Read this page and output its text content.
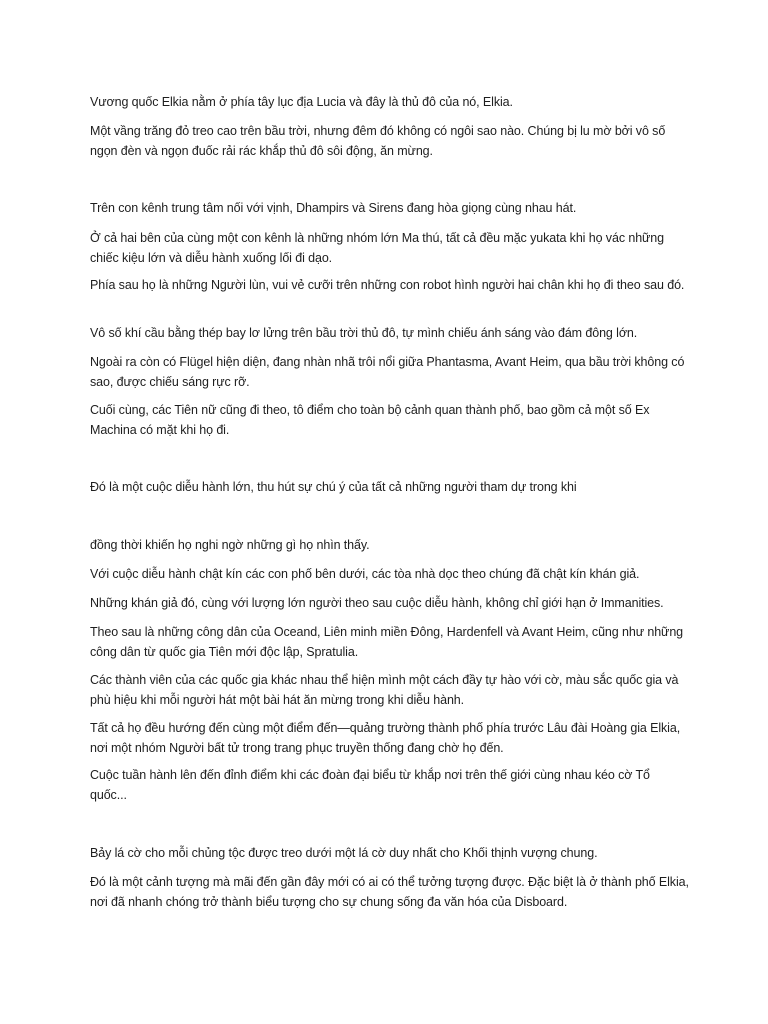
Vương quốc Elkia nằm ở phía tây lục địa Lucia và đây là thủ đô của nó, Elkia.

Một vầng trăng đỏ treo cao trên bầu trời, nhưng đêm đó không có ngôi sao nào. Chúng bị lu mờ bởi vô số ngọn đèn và ngọn đuốc rải rác khắp thủ đô sôi động, ăn mừng.

Trên con kênh trung tâm nối với vịnh, Dhampirs và Sirens đang hòa giọng cùng nhau hát.

Ở cả hai bên của cùng một con kênh là những nhóm lớn Ma thú, tất cả đều mặc yukata khi họ vác những chiếc kiệu lớn và diễu hành xuống lối đi dạo.

Phía sau họ là những Người lùn, vui vẻ cưỡi trên những con robot hình người hai chân khi họ đi theo sau đó.

Vô số khí cầu bằng thép bay lơ lửng trên bầu trời thủ đô, tự mình chiếu ánh sáng vào đám đông lớn.

Ngoài ra còn có Flügel hiện diện, đang nhàn nhã trôi nổi giữa Phantasma, Avant Heim, qua bầu trời không có sao, được chiếu sáng rực rỡ.

Cuối cùng, các Tiên nữ cũng đi theo, tô điểm cho toàn bộ cảnh quan thành phố, bao gồm cả một số Ex Machina có mặt khi họ đi.

Đó là một cuộc diễu hành lớn, thu hút sự chú ý của tất cả những người tham dự trong khi

đồng thời khiến họ nghi ngờ những gì họ nhìn thấy.

Với cuộc diễu hành chật kín các con phố bên dưới, các tòa nhà dọc theo chúng đã chật kín khán giả.

Những khán giả đó, cùng với lượng lớn người theo sau cuộc diễu hành, không chỉ giới hạn ở Immanities.

Theo sau là những công dân của Oceand, Liên minh miền Đông, Hardenfell và Avant Heim, cũng như những công dân từ quốc gia Tiên mới độc lập, Spratulia.

Các thành viên của các quốc gia khác nhau thể hiện mình một cách đầy tự hào với cờ, màu sắc quốc gia và phù hiệu khi mỗi người hát một bài hát ăn mừng trong khi diễu hành.

Tất cả họ đều hướng đến cùng một điểm đến—quảng trường thành phố phía trước Lâu đài Hoàng gia Elkia, nơi một nhóm Người bất tử trong trang phục truyền thống đang chờ họ đến.

Cuộc tuần hành lên đến đỉnh điểm khi các đoàn đại biểu từ khắp nơi trên thế giới cùng nhau kéo cờ Tổ quốc...

Bảy lá cờ cho mỗi chủng tộc được treo dưới một lá cờ duy nhất cho Khối thịnh vượng chung.

Đó là một cảnh tượng mà mãi đến gần đây mới có ai có thể tưởng tượng được. Đặc biệt là ở thành phố Elkia, nơi đã nhanh chóng trở thành biểu tượng cho sự chung sống đa văn hóa của Disboard.
